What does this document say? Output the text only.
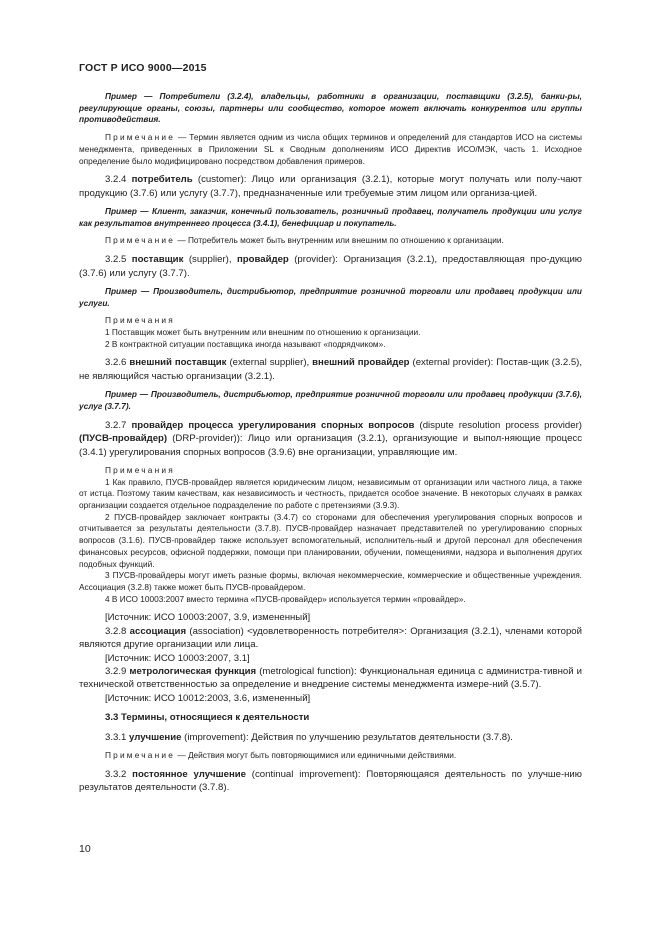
ГОСТ Р ИСО 9000—2015

Пример — Потребители (3.2.4), владельцы, работники в организации, поставщики (3.2.5), банки-ры, регулирующие органы, союзы, партнеры или сообщество, которое может включать конкурентов или группы противодействия.

Примечание — Термин является одним из числа общих терминов и определений для стандартов ИСО на системы менеджмента, приведенных в Приложении SL к Сводным дополнениям ИСО Директив ИСО/МЭК, часть 1. Исходное определение было модифицировано посредством добавления примеров.

3.2.4 потребитель (customer): Лицо или организация (3.2.1), которые могут получать или полу-чают продукцию (3.7.6) или услугу (3.7.7), предназначенные или требуемые этим лицом или организа-цией.

Пример — Клиент, заказчик, конечный пользователь, розничный продавец, получатель продукции или услуг как результатов внутреннего процесса (3.4.1), бенефициар и покупатель.

Примечание — Потребитель может быть внутренним или внешним по отношению к организации.

3.2.5 поставщик (supplier), провайдер (provider): Организация (3.2.1), предоставляющая про-дукцию (3.7.6) или услугу (3.7.7).

Пример — Производитель, дистрибьютор, предприятие розничной торговли или продавец продукции или услуги.

Примечания

1 Поставщик может быть внутренним или внешним по отношению к организации.

2 В контрактной ситуации поставщика иногда называют «подрядчиком».

3.2.6 внешний поставщик (external supplier), внешний провайдер (external provider): Постав-щик (3.2.5), не являющийся частью организации (3.2.1).

Пример — Производитель, дистрибьютор, предприятие розничной торговли или продавец продукции (3.7.6), услуг (3.7.7).

3.2.7 провайдер процесса урегулирования спорных вопросов (dispute resolution process provider) (ПУСВ-провайдер) (DRP-provider)): Лицо или организация (3.2.1), организующие и выпол-няющие процесс (3.4.1) урегулирования спорных вопросов (3.9.6) вне организации, управляющие им.

Примечания

1 Как правило, ПУСВ-провайдер является юридическим лицом, независимым от организации или частного лица, а также от истца. Поэтому таким качествам, как независимость и честность, придается особое значение. В некоторых случаях в рамках организации создается отдельное подразделение по работе с претензиями (3.9.3).

2 ПУСВ-провайдер заключает контракты (3.4.7) со сторонами для обеспечения урегулирования спорных вопросов и отчитывается за результаты деятельности (3.7.8). ПУСВ-провайдер назначает представителей по урегулированию спорных вопросов (3.1.6). ПУСВ-провайдер также использует вспомогательный, исполнитель-ный и другой персонал для обеспечения финансовых ресурсов, офисной поддержки, помощи при планировании, обучении, помещениями, надзора и выполнения других подобных функций.

3 ПУСВ-провайдеры могут иметь разные формы, включая некоммерческие, коммерческие и общественные учреждения. Ассоциация (3.2.8) также может быть ПУСВ-провайдером.

4 В ИСО 10003:2007 вместо термина «ПУСВ-провайдер» используется термин «провайдер».

[Источник: ИСО 10003:2007, 3.9, измененный]

3.2.8 ассоциация (association) <удовлетворенность потребителя>: Организация (3.2.1), членами которой являются другие организации или лица.

[Источник: ИСО 10003:2007, 3.1]

3.2.9 метрологическая функция (metrological function): Функциональная единица с администра-тивной и технической ответственностью за определение и внедрение системы менеджмента измере-ний (3.5.7).

[Источник: ИСО 10012:2003, 3.6, измененный]

3.3 Термины, относящиеся к деятельности

3.3.1 улучшение (improvement): Действия по улучшению результатов деятельности (3.7.8).

Примечание — Действия могут быть повторяющимися или единичными действиями.

3.3.2 постоянное улучшение (continual improvement): Повторяющаяся деятельность по улучше-нию результатов деятельности (3.7.8).

10
